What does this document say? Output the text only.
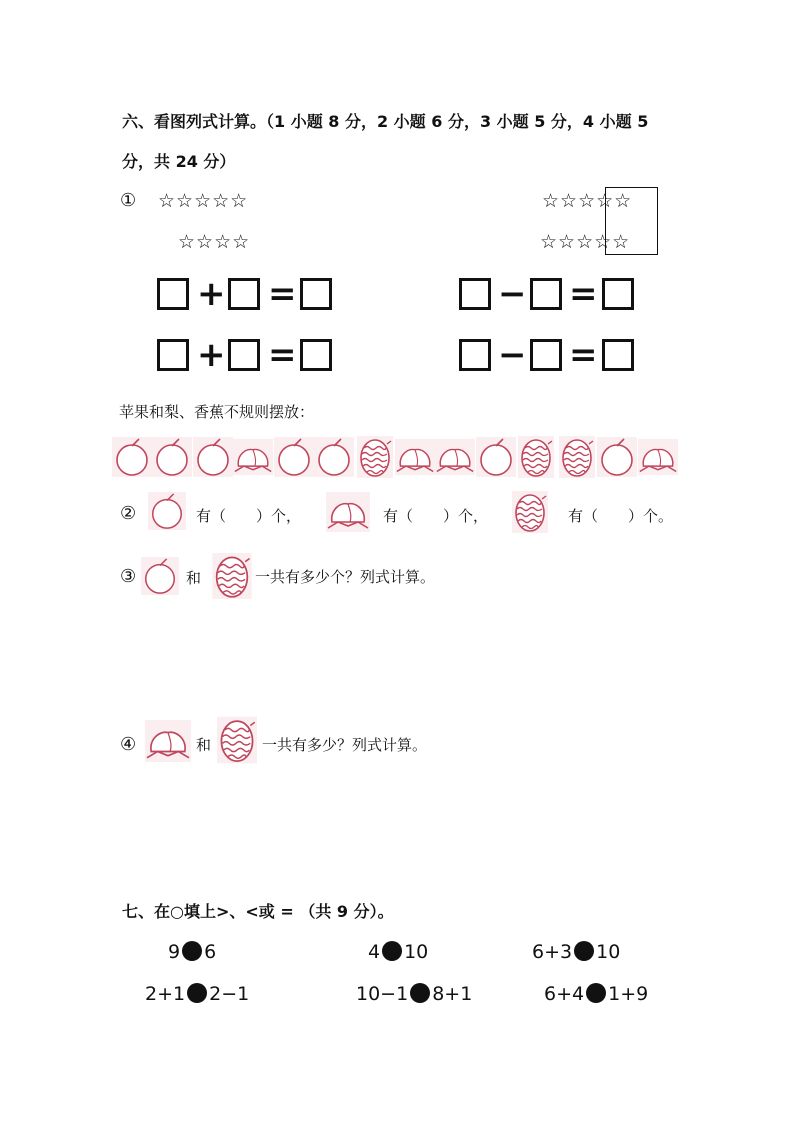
六、看图列式计算。（1 小题 8 分，2 小题 6 分，3 小题 5 分，4 小题 5
分，共 24 分）
① ☆☆☆☆☆
☆☆☆☆
☆☆☆☆☆
☆☆☆☆☆
+ =
+ =
− =
− =
苹果和梨、香蕉不规则摆放：
②	有（　　）个，	有（　　）个，	有（　　）个。
③	和	一共有多少个？列式计算。
④	和	一共有多少？列式计算。
七、在○填上>、<或 = （共 9 分）。
9 6	4 10	6+3 10
2+1 2−1	10−1 8+1	6+4 1+9
